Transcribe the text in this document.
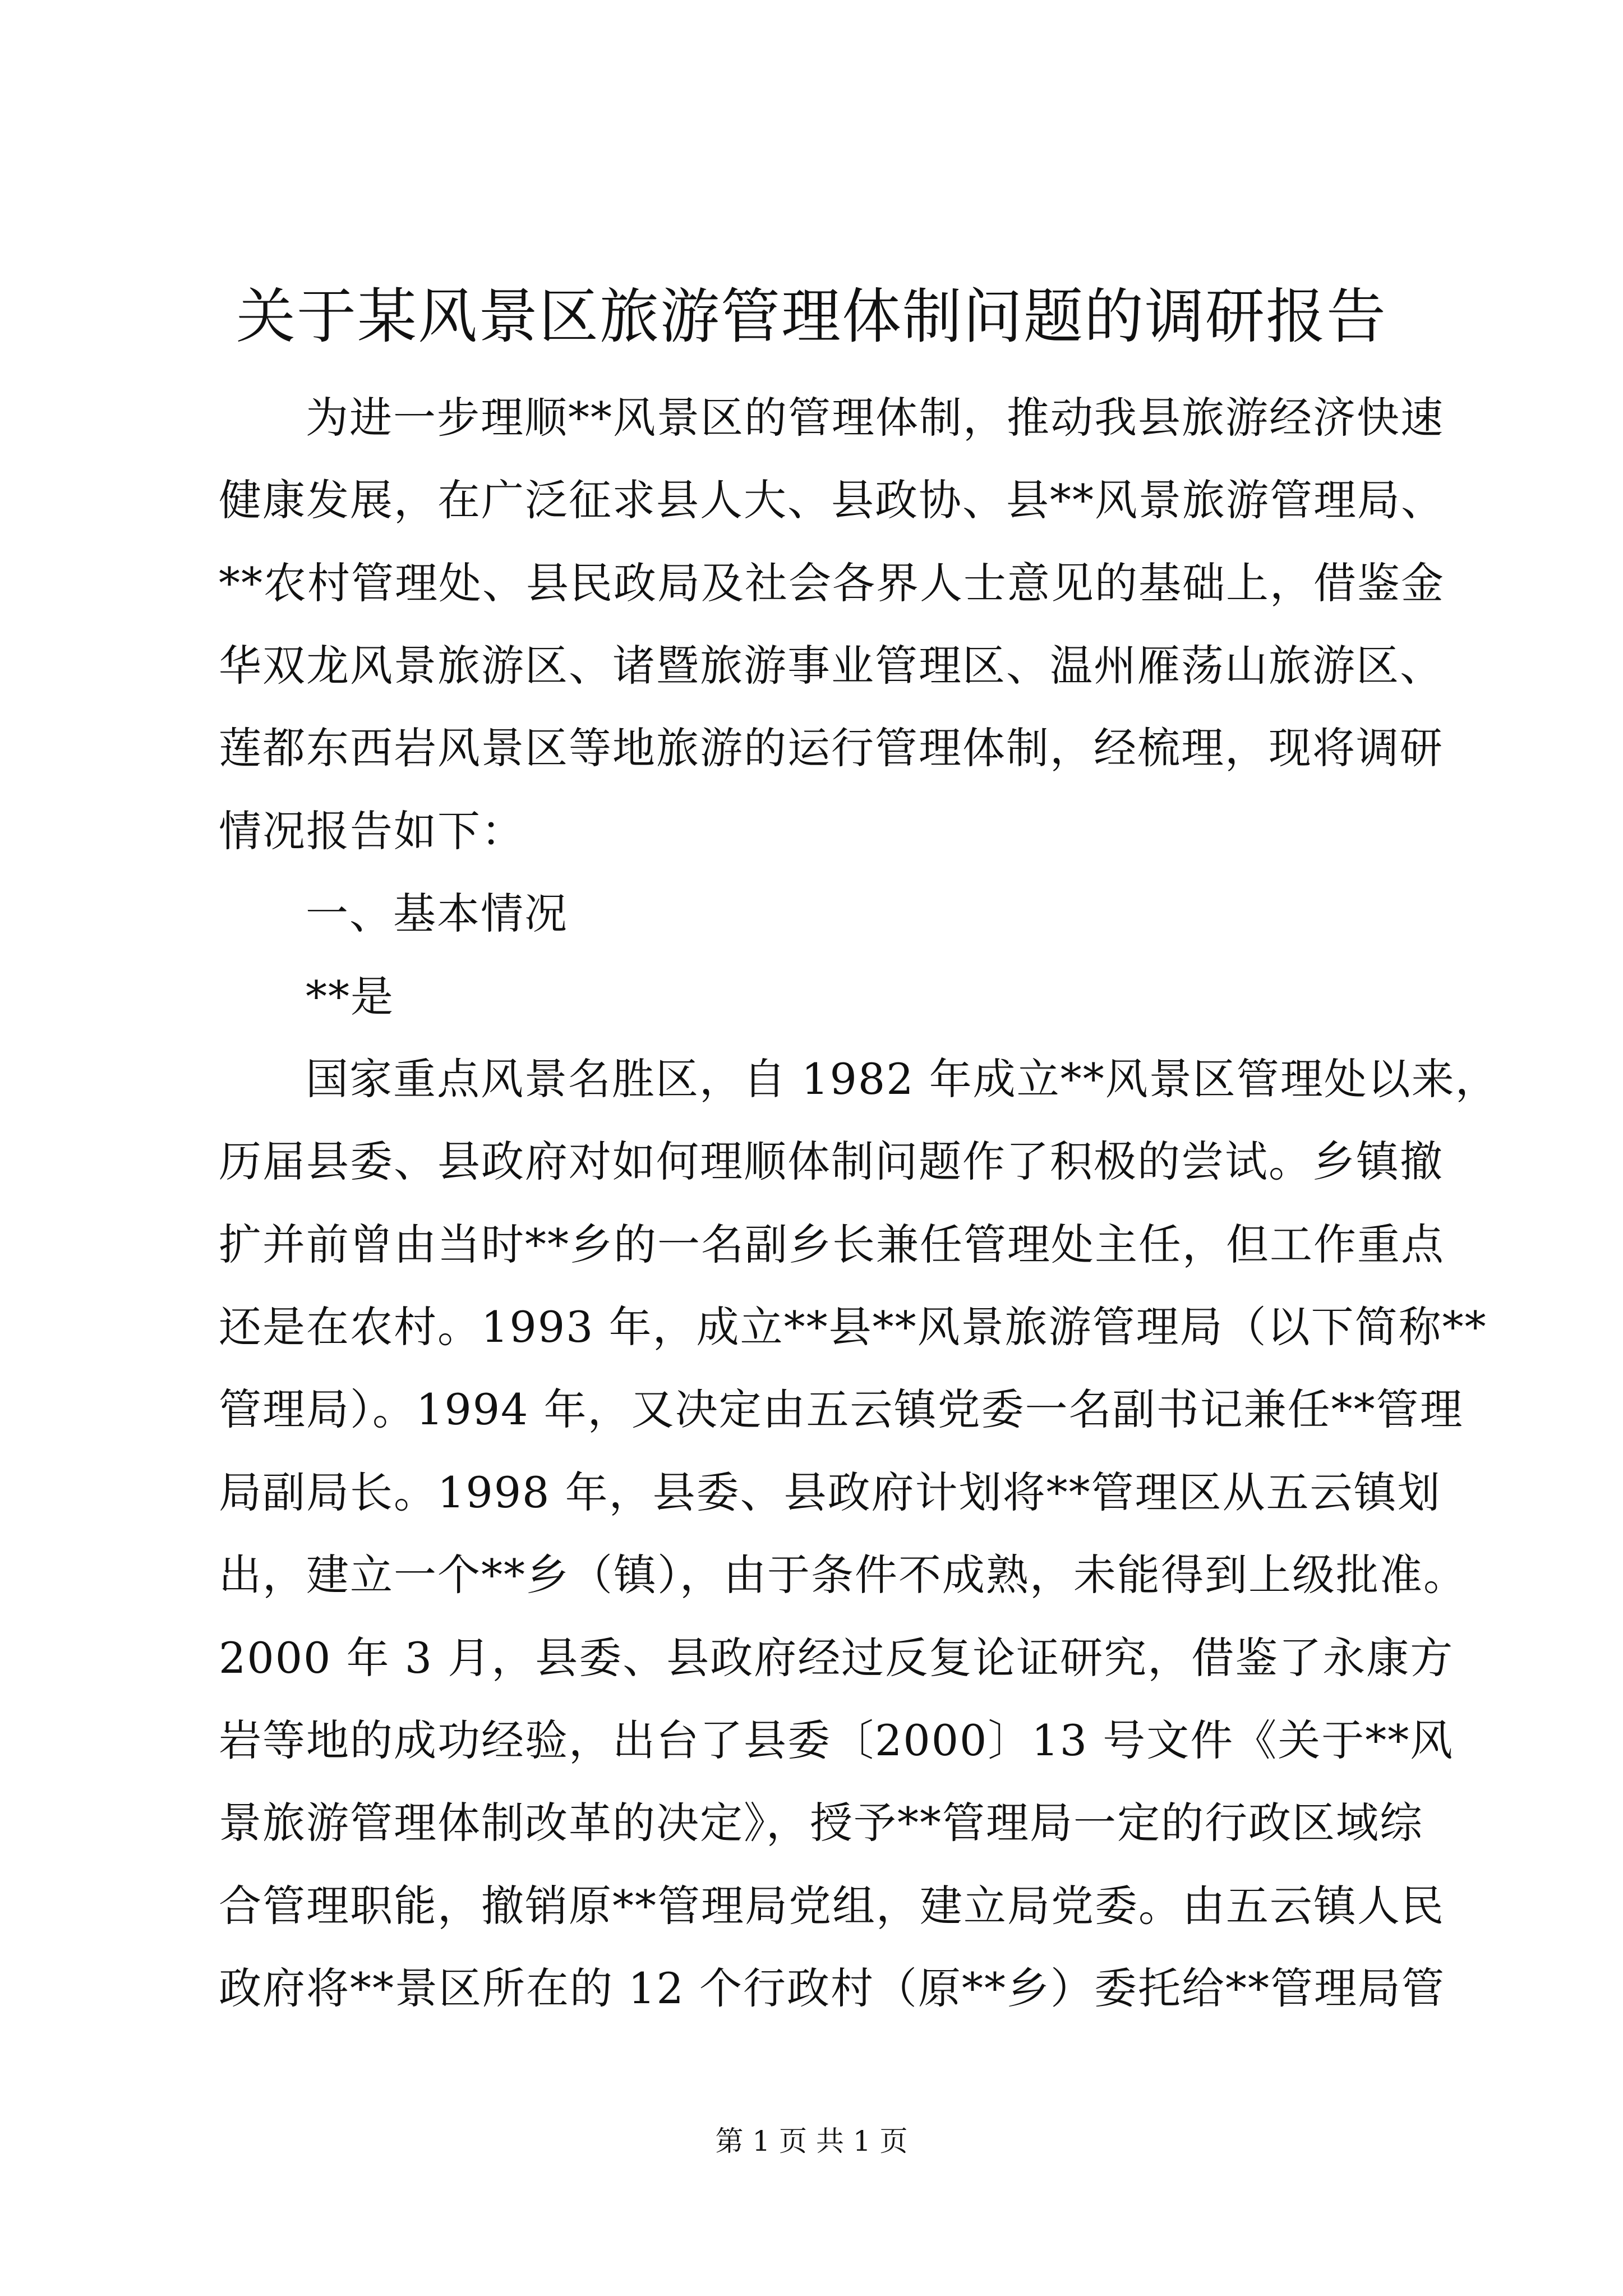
关于某风景区旅游管理体制问题的调研报告

为进一步理顺**风景区的管理体制，推动我县旅游经济快速

健康发展，在广泛征求县人大、县政协、县**风景旅游管理局、

**农村管理处、县民政局及社会各界人士意见的基础上，借鉴金

华双龙风景旅游区、诸暨旅游事业管理区、温州雁荡山旅游区、

莲都东西岩风景区等地旅游的运行管理体制，经梳理，现将调研

情况报告如下：

一、基本情况

**是

国家重点风景名胜区，自 1982 年成立**风景区管理处以来，

历届县委、县政府对如何理顺体制问题作了积极的尝试。乡镇撤

扩并前曾由当时**乡的一名副乡长兼任管理处主任，但工作重点

还是在农村。1993 年，成立**县**风景旅游管理局（以下简称**

管理局）。1994 年，又决定由五云镇党委一名副书记兼任**管理

局副局长。1998 年，县委、县政府计划将**管理区从五云镇划

出，建立一个**乡（镇），由于条件不成熟，未能得到上级批准。

2000 年 3 月，县委、县政府经过反复论证研究，借鉴了永康方

岩等地的成功经验，出台了县委〔2000〕13 号文件《关于**风

景旅游管理体制改革的决定》，授予**管理局一定的行政区域综

合管理职能，撤销原**管理局党组，建立局党委。由五云镇人民

政府将**景区所在的 12 个行政村（原**乡）委托给**管理局管

第 1 页 共 1 页
